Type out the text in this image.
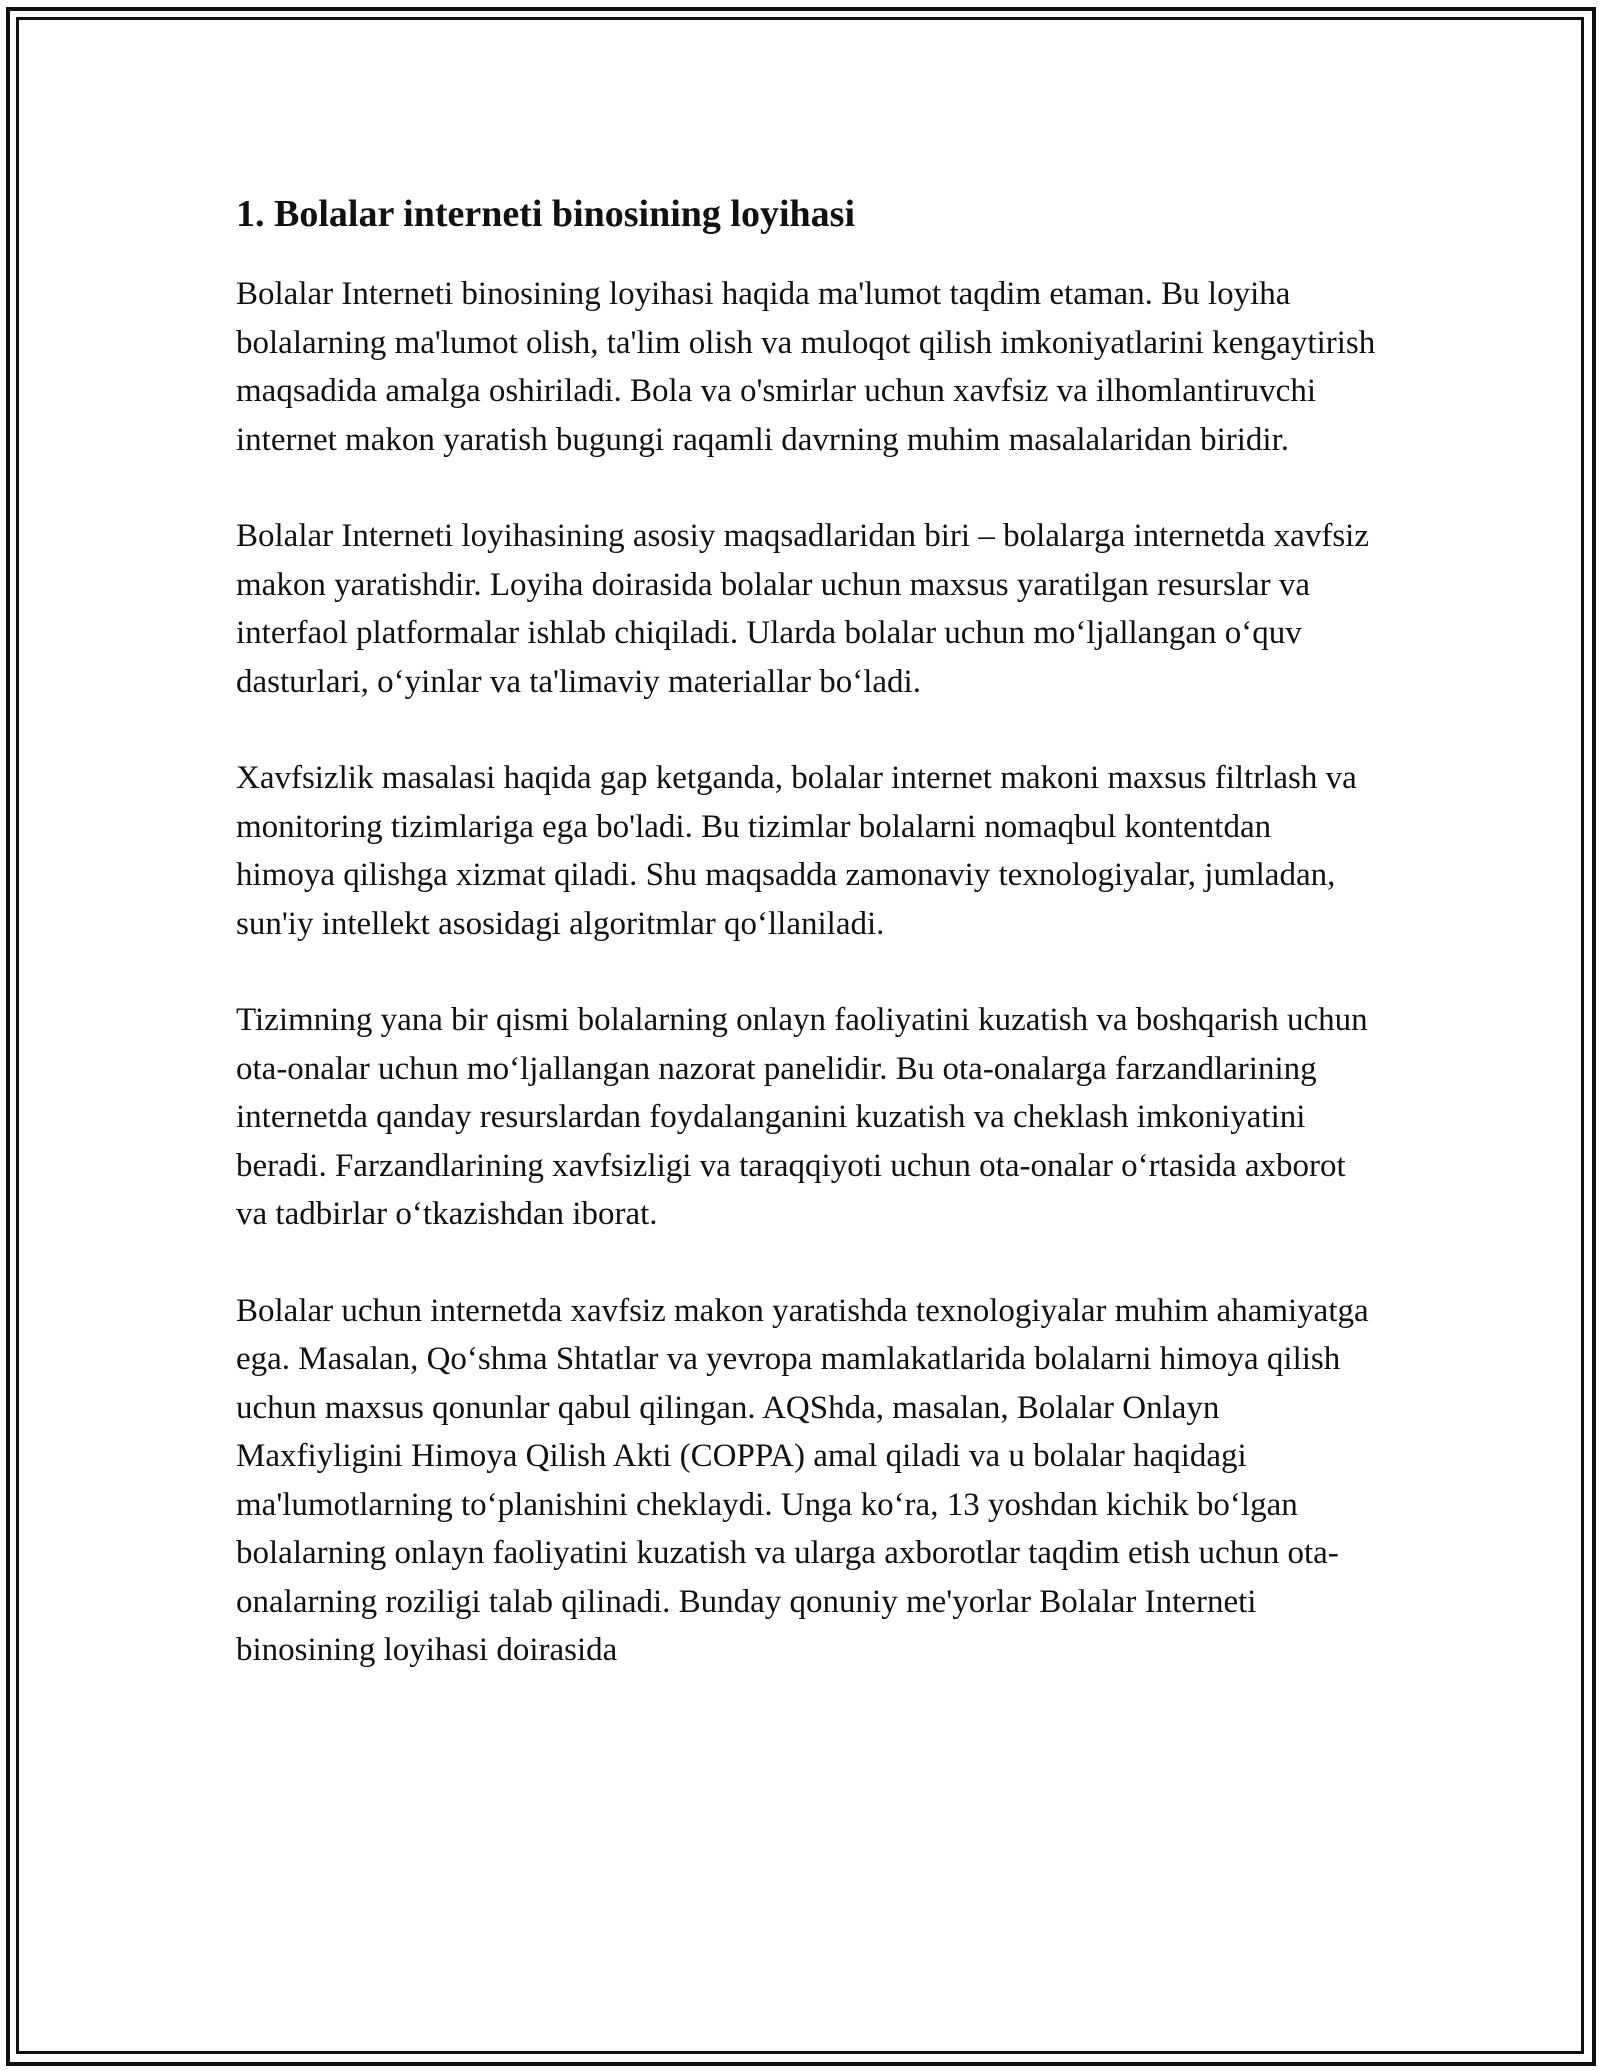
1. Bolalar interneti binosining loyihasi

Bolalar Interneti binosining loyihasi haqida ma'lumot taqdim etaman. Bu loyiha bolalarning ma'lumot olish, ta'lim olish va muloqot qilish imkoniyatlarini kengaytirish maqsadida amalga oshiriladi. Bola va o'smirlar uchun xavfsiz va ilhomlantiruvchi internet makon yaratish bugungi raqamli davrning muhim masalalaridan biridir.

Bolalar Interneti loyihasining asosiy maqsadlaridan biri – bolalarga internetda xavfsiz makon yaratishdir. Loyiha doirasida bolalar uchun maxsus yaratilgan resurslar va interfaol platformalar ishlab chiqiladi. Ularda bolalar uchun mo‘ljallangan o‘quv dasturlari, o‘yinlar va ta'limaviy materiallar bo‘ladi.

Xavfsizlik masalasi haqida gap ketganda, bolalar internet makoni maxsus filtrlash va monitoring tizimlariga ega bo'ladi. Bu tizimlar bolalarni nomaqbul kontentdan himoya qilishga xizmat qiladi. Shu maqsadda zamonaviy texnologiyalar, jumladan, sun'iy intellekt asosidagi algoritmlar qo‘llaniladi.

Tizimning yana bir qismi bolalarning onlayn faoliyatini kuzatish va boshqarish uchun ota-onalar uchun mo‘ljallangan nazorat panelidir. Bu ota-onalarga farzandlarining internetda qanday resurslardan foydalanganini kuzatish va cheklash imkoniyatini beradi. Farzandlarining xavfsizligi va taraqqiyoti uchun ota-onalar o‘rtasida axborot va tadbirlar o‘tkazishdan iborat.

Bolalar uchun internetda xavfsiz makon yaratishda texnologiyalar muhim ahamiyatga ega. Masalan, Qo‘shma Shtatlar va yevropa mamlakatlarida bolalarni himoya qilish uchun maxsus qonunlar qabul qilingan. AQShda, masalan, Bolalar Onlayn Maxfiyligini Himoya Qilish Akti (COPPA) amal qiladi va u bolalar haqidagi ma'lumotlarning to‘planishini cheklaydi. Unga ko‘ra, 13 yoshdan kichik bo‘lgan bolalarning onlayn faoliyatini kuzatish va ularga axborotlar taqdim etish uchun ota-onalarning roziligi talab qilinadi. Bunday qonuniy me'yorlar Bolalar Interneti binosining loyihasi doirasida
